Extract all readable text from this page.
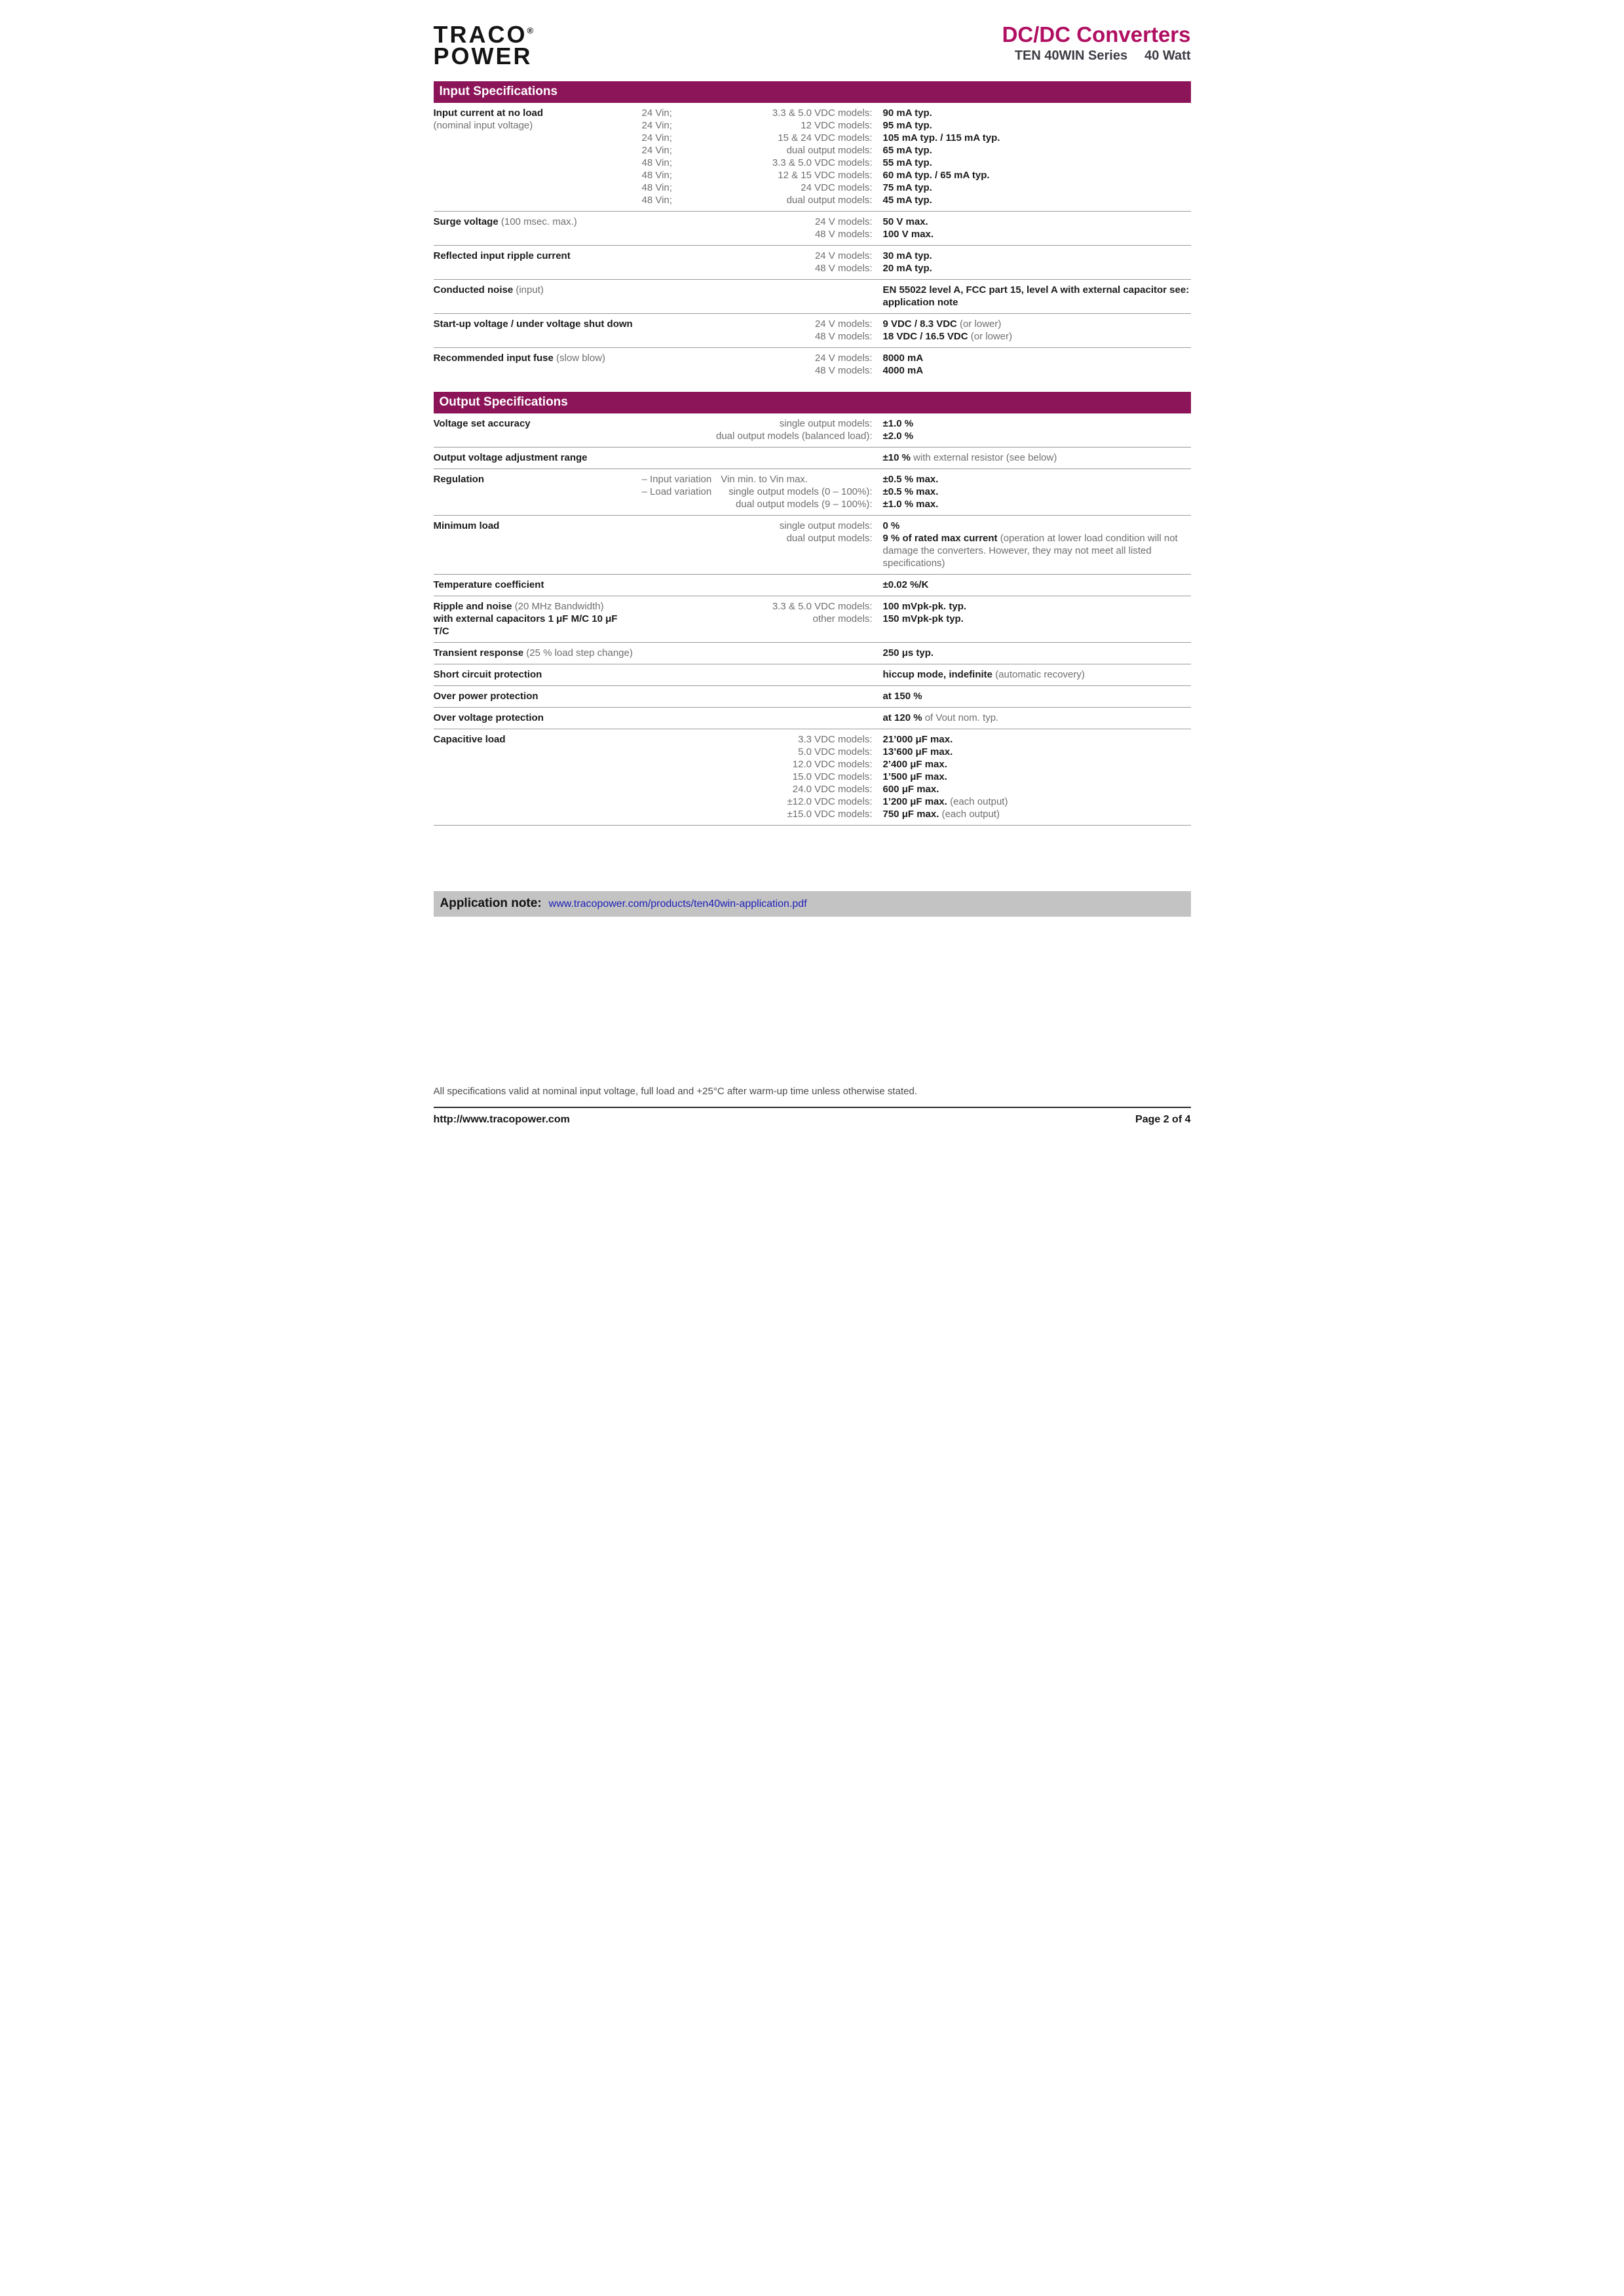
TRACO®
POWER
DC/DC Converters
TEN 40WIN Series 40 Watt
Input Specifications
Input current at no load
(nominal input voltage)
24 Vin;	3.3 & 5.0 VDC models:	90 mA typ.
24 Vin;	12 VDC models:	95 mA typ.
24 Vin;	15 & 24 VDC models:	105 mA typ. / 115 mA typ.
24 Vin;	dual output models:	65 mA typ.
48 Vin;	3.3 & 5.0 VDC models:	55 mA typ.
48 Vin;	12 & 15 VDC models:	60 mA typ. / 65 mA typ.
48 Vin;	24 VDC models:	75 mA typ.
48 Vin;	dual output models:	45 mA typ.
Surge voltage (100 msec. max.)	24 V models:	50 V max.
48 V models:	100 V max.
Reflected input ripple current	24 V models:	30 mA typ.
48 V models:	20 mA typ.
Conducted noise (input)	EN 55022 level A, FCC part 15, level A with external capacitor see: application note
Start-up voltage / under voltage shut down	24 V models:	9 VDC / 8.3 VDC (or lower)
48 V models:	18 VDC / 16.5 VDC (or lower)
Recommended input fuse (slow blow)	24 V models:	8000 mA
48 V models:	4000 mA
Output Specifications
Voltage set accuracy	single output models:	±1.0 %
dual output models (balanced load):	±2.0 %
Output voltage adjustment range	±10 % with external resistor (see below)
Regulation	– Input variation Vin min. to Vin max.	±0.5 % max.
– Load variation single output models (0 – 100%):	±0.5 % max.
dual output models (9 – 100%):	±1.0 % max.
Minimum load	single output models:	0 %
dual output models:	9 % of rated max current (operation at lower load condition will not damage the converters. However, they may not meet all listed specifications)
Temperature coefficient	±0.02 %/K
Ripple and noise (20 MHz Bandwidth)
with external capacitors 1 μF M/C 10 μF T/C
3.3 & 5.0 VDC models:	100 mVpk-pk. typ.
other models:	150 mVpk-pk typ.
Transient response (25 % load step change)	250 μs typ.
Short circuit protection	hiccup mode, indefinite (automatic recovery)
Over power protection	at 150 %
Over voltage protection	at 120 % of Vout nom. typ.
Capacitive load	3.3 VDC models:	21’000 μF max.
5.0 VDC models:	13’600 μF max.
12.0 VDC models:	2’400 μF max.
15.0 VDC models:	1’500 μF max.
24.0 VDC models:	600 μF max.
±12.0 VDC models:	1’200 μF max. (each output)
±15.0 VDC models:	750 μF max. (each output)
Application note: www.tracopower.com/products/ten40win-application.pdf
All specifications valid at nominal input voltage, full load and +25°C after warm-up time unless otherwise stated.
http://www.tracopower.com	Page 2 of 4
